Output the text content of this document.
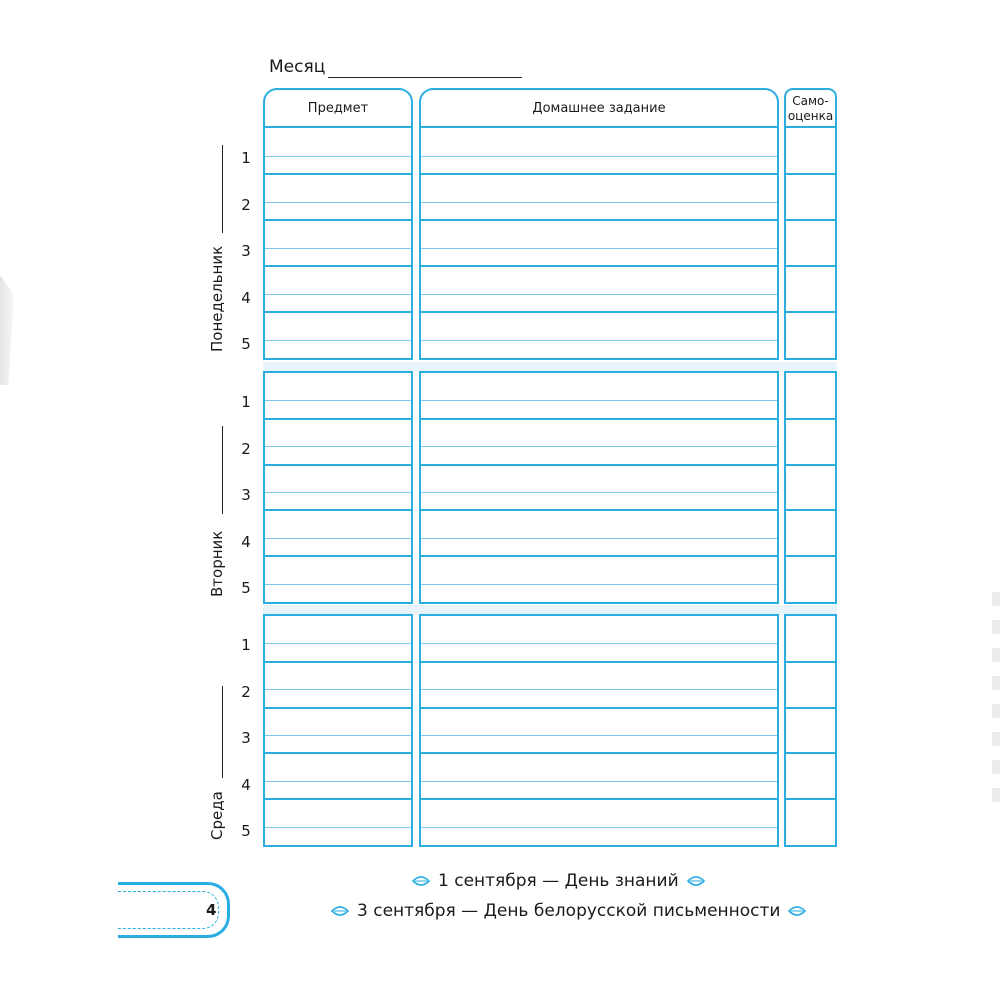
Месяц
Предмет	Домашнее задание	Само-
оценка
1
2
3
4
5
Понедельник
1
2
3
4
5
Вторник
1
2
3
4
5
Среда
4
1 сентября — День знаний
3 сентября — День белорусской письменности
